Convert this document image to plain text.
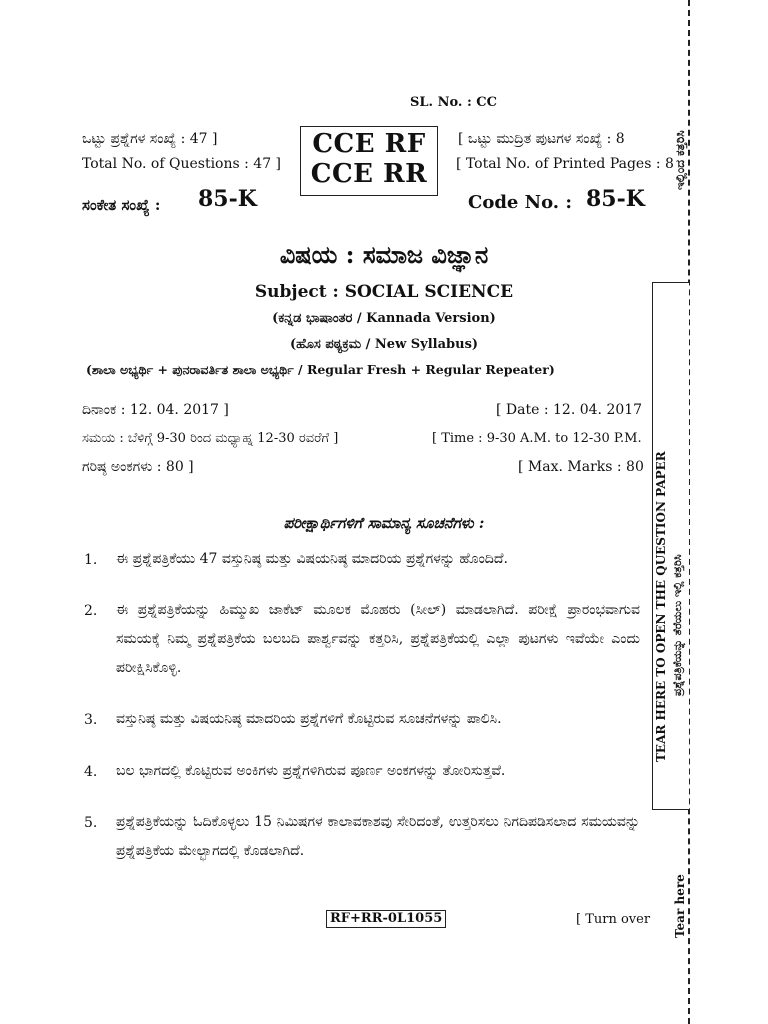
ಇಲ್ಲಿಂದ ಕತ್ತರಿಸಿ
TEAR HERE TO OPEN THE QUESTION PAPER ಪ್ರಶ್ನೆಪತ್ರಿಕೆಯನ್ನು ತೆರೆಯಲು ಇಲ್ಲಿ ಕತ್ತರಿಸಿ
Tear here
SL. No. : CC
ಒಟ್ಟು ಪ್ರಶ್ನೆಗಳ ಸಂಖ್ಯೆ : 47 ]
Total No. of Questions : 47 ]
CCE RF
CCE RR
[ ಒಟ್ಟು ಮುದ್ರಿತ ಪುಟಗಳ ಸಂಖ್ಯೆ : 8
[ Total No. of Printed Pages : 8
ಸಂಕೇತ ಸಂಖ್ಯೆ : 85-K	Code No. : 85-K
ವಿಷಯ : ಸಮಾಜ ವಿಜ್ಞಾನ
Subject : SOCIAL SCIENCE
(ಕನ್ನಡ ಭಾಷಾಂತರ / Kannada Version)
(ಹೊಸ ಪಠ್ಯಕ್ರಮ / New Syllabus)
(ಶಾಲಾ ಅಭ್ಯರ್ಥಿ + ಪುನರಾವರ್ತಿತ ಶಾಲಾ ಅಭ್ಯರ್ಥಿ / Regular Fresh + Regular Repeater)
ದಿನಾಂಕ : 12. 04. 2017 ]	[ Date : 12. 04. 2017
ಸಮಯ : ಬೆಳಿಗ್ಗೆ 9-30 ರಿಂದ ಮಧ್ಯಾಹ್ನ 12-30 ರವರೆಗೆ ]	[ Time : 9-30 A.M. to 12-30 P.M.
ಗರಿಷ್ಠ ಅಂಕಗಳು : 80 ]	[ Max. Marks : 80
ಪರೀಕ್ಷಾರ್ಥಿಗಳಿಗೆ ಸಾಮಾನ್ಯ ಸೂಚನೆಗಳು :
1. ಈ ಪ್ರಶ್ನೆಪತ್ರಿಕೆಯು 47 ವಸ್ತುನಿಷ್ಠ ಮತ್ತು ವಿಷಯನಿಷ್ಠ ಮಾದರಿಯ ಪ್ರಶ್ನೆಗಳನ್ನು ಹೊಂದಿದೆ.
2. ಈ ಪ್ರಶ್ನೆಪತ್ರಿಕೆಯನ್ನು ಹಿಮ್ಮುಖ ಜಾಕೆಟ್ ಮೂಲಕ ಮೊಹರು (ಸೀಲ್) ಮಾಡಲಾಗಿದೆ. ಪರೀಕ್ಷೆ ಪ್ರಾರಂಭವಾಗುವ ಸಮಯಕ್ಕೆ ನಿಮ್ಮ ಪ್ರಶ್ನೆಪತ್ರಿಕೆಯ ಬಲಬದಿ ಪಾರ್ಶ್ವವನ್ನು ಕತ್ತರಿಸಿ, ಪ್ರಶ್ನೆಪತ್ರಿಕೆಯಲ್ಲಿ ಎಲ್ಲಾ ಪುಟಗಳು ಇವೆಯೇ ಎಂದು ಪರೀಕ್ಷಿಸಿಕೊಳ್ಳಿ.
3. ವಸ್ತುನಿಷ್ಠ ಮತ್ತು ವಿಷಯನಿಷ್ಠ ಮಾದರಿಯ ಪ್ರಶ್ನೆಗಳಿಗೆ ಕೊಟ್ಟಿರುವ ಸೂಚನೆಗಳನ್ನು ಪಾಲಿಸಿ.
4. ಬಲ ಭಾಗದಲ್ಲಿ ಕೊಟ್ಟಿರುವ ಅಂಕಿಗಳು ಪ್ರಶ್ನೆಗಳಿಗಿರುವ ಪೂರ್ಣ ಅಂಕಗಳನ್ನು ತೋರಿಸುತ್ತವೆ.
5. ಪ್ರಶ್ನೆಪತ್ರಿಕೆಯನ್ನು ಓದಿಕೊಳ್ಳಲು 15 ನಿಮಿಷಗಳ ಕಾಲಾವಕಾಶವು ಸೇರಿದಂತೆ, ಉತ್ತರಿಸಲು ನಿಗದಿಪಡಿಸಲಾದ ಸಮಯವನ್ನು ಪ್ರಶ್ನೆಪತ್ರಿಕೆಯ ಮೇಲ್ಭಾಗದಲ್ಲಿ ಕೊಡಲಾಗಿದೆ.
RF+RR-0L1055	[ Turn over
